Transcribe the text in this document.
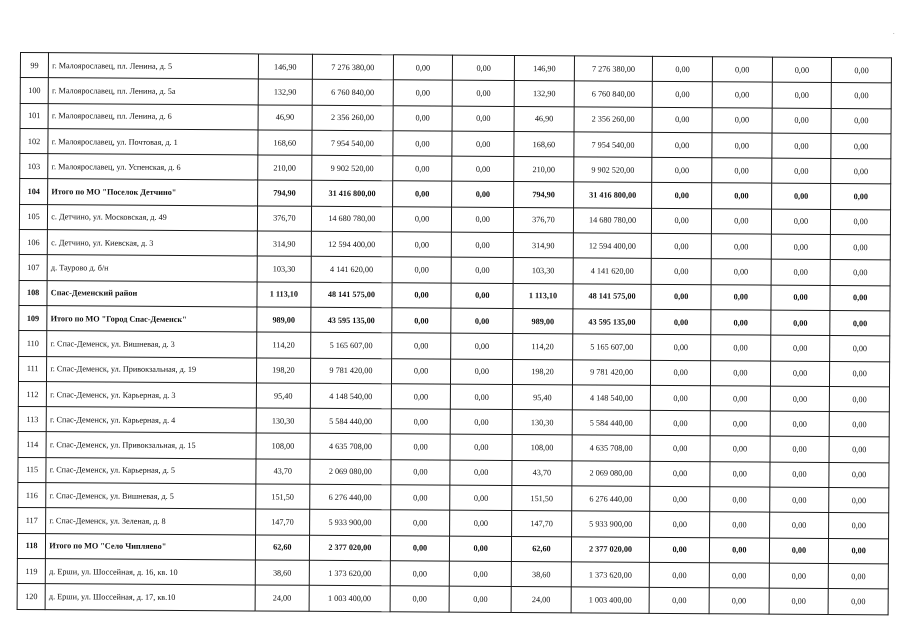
99	г. Малоярославец, пл. Ленина, д. 5	146,90	7 276 380,00	0,00	0,00	146,90	7 276 380,00	0,00	0,00	0,00	0,00
100	г. Малоярославец, пл. Ленина, д. 5а	132,90	6 760 840,00	0,00	0,00	132,90	6 760 840,00	0,00	0,00	0,00	0,00
101	г. Малоярославец, пл. Ленина, д. 6	46,90	2 356 260,00	0,00	0,00	46,90	2 356 260,00	0,00	0,00	0,00	0,00
102	г. Малоярославец, ул. Почтовая, д. 1	168,60	7 954 540,00	0,00	0,00	168,60	7 954 540,00	0,00	0,00	0,00	0,00
103	г. Малоярославец, ул. Успенская, д. 6	210,00	9 902 520,00	0,00	0,00	210,00	9 902 520,00	0,00	0,00	0,00	0,00
104	Итого по МО "Поселок Детчино"	794,90	31 416 800,00	0,00	0,00	794,90	31 416 800,00	0,00	0,00	0,00	0,00
105	с. Детчино, ул. Московская, д. 49	376,70	14 680 780,00	0,00	0,00	376,70	14 680 780,00	0,00	0,00	0,00	0,00
106	с. Детчино, ул. Киевская, д. 3	314,90	12 594 400,00	0,00	0,00	314,90	12 594 400,00	0,00	0,00	0,00	0,00
107	д. Таурово д. б/н	103,30	4 141 620,00	0,00	0,00	103,30	4 141 620,00	0,00	0,00	0,00	0,00
108	Спас-Деменский район	1 113,10	48 141 575,00	0,00	0,00	1 113,10	48 141 575,00	0,00	0,00	0,00	0,00
109	Итого по МО "Город Спас-Деменск"	989,00	43 595 135,00	0,00	0,00	989,00	43 595 135,00	0,00	0,00	0,00	0,00
110	г. Спас-Деменск, ул. Вишневая, д. 3	114,20	5 165 607,00	0,00	0,00	114,20	5 165 607,00	0,00	0,00	0,00	0,00
111	г. Спас-Деменск, ул. Привокзальная, д. 19	198,20	9 781 420,00	0,00	0,00	198,20	9 781 420,00	0,00	0,00	0,00	0,00
112	г. Спас-Деменск, ул. Карьерная, д. 3	95,40	4 148 540,00	0,00	0,00	95,40	4 148 540,00	0,00	0,00	0,00	0,00
113	г. Спас-Деменск, ул. Карьерная, д. 4	130,30	5 584 440,00	0,00	0,00	130,30	5 584 440,00	0,00	0,00	0,00	0,00
114	г. Спас-Деменск, ул. Привокзальная, д. 15	108,00	4 635 708,00	0,00	0,00	108,00	4 635 708,00	0,00	0,00	0,00	0,00
115	г. Спас-Деменск, ул. Карьерная, д. 5	43,70	2 069 080,00	0,00	0,00	43,70	2 069 080,00	0,00	0,00	0,00	0,00
116	г. Спас-Деменск, ул. Вишневая, д. 5	151,50	6 276 440,00	0,00	0,00	151,50	6 276 440,00	0,00	0,00	0,00	0,00
117	г. Спас-Деменск, ул. Зеленая, д. 8	147,70	5 933 900,00	0,00	0,00	147,70	5 933 900,00	0,00	0,00	0,00	0,00
118	Итого по МО "Село Чипляево"	62,60	2 377 020,00	0,00	0,00	62,60	2 377 020,00	0,00	0,00	0,00	0,00
119	д. Ерши, ул. Шоссейная, д. 16, кв. 10	38,60	1 373 620,00	0,00	0,00	38,60	1 373 620,00	0,00	0,00	0,00	0,00
120	д. Ерши, ул. Шоссейная, д. 17, кв.10	24,00	1 003 400,00	0,00	0,00	24,00	1 003 400,00	0,00	0,00	0,00	0,00
·
